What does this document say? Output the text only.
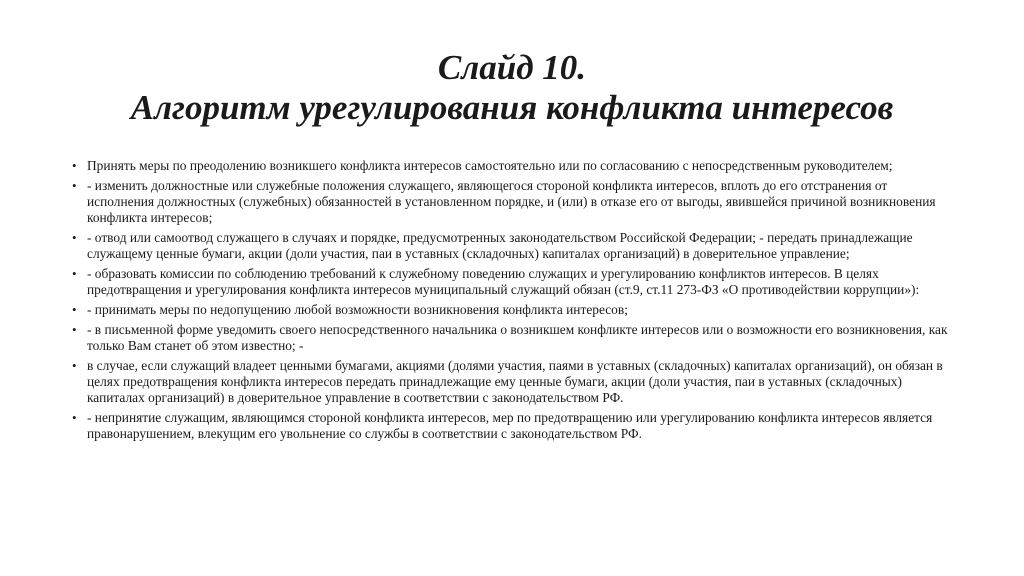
Слайд 10.
Алгоритм урегулирования конфликта интересов
• Принять меры по преодолению возникшего конфликта интересов самостоятельно или по согласованию с непосредственным руководителем;
• - изменить должностные или служебные положения служащего, являющегося стороной конфликта интересов, вплоть до его отстранения от исполнения должностных (служебных) обязанностей в установленном порядке, и (или) в отказе его от выгоды, явившейся причиной возникновения конфликта интересов;
• - отвод или самоотвод служащего в случаях и порядке, предусмотренных законодательством Российской Федерации; - передать принадлежащие служащему ценные бумаги, акции (доли участия, паи в уставных (складочных) капиталах организаций) в доверительное управление;
• - образовать комиссии по соблюдению требований к служебному поведению служащих и урегулированию конфликтов интересов. В целях предотвращения и урегулирования конфликта интересов муниципальный служащий обязан (ст.9, ст.11 273-ФЗ «О противодействии коррупции»):
• - принимать меры по недопущению любой возможности возникновения конфликта интересов;
• - в письменной форме уведомить своего непосредственного начальника о возникшем конфликте интересов или о возможности его возникновения, как только Вам станет об этом известно; -
• в случае, если служащий владеет ценными бумагами, акциями (долями участия, паями в уставных (складочных) капиталах организаций), он обязан в целях предотвращения конфликта интересов передать принадлежащие ему ценные бумаги, акции (доли участия, паи в уставных (складочных) капиталах организаций) в доверительное управление в соответствии с законодательством РФ.
• - непринятие служащим, являющимся стороной конфликта интересов, мер по предотвращению или урегулированию конфликта интересов является правонарушением, влекущим его увольнение со службы в соответствии с законодательством РФ.
